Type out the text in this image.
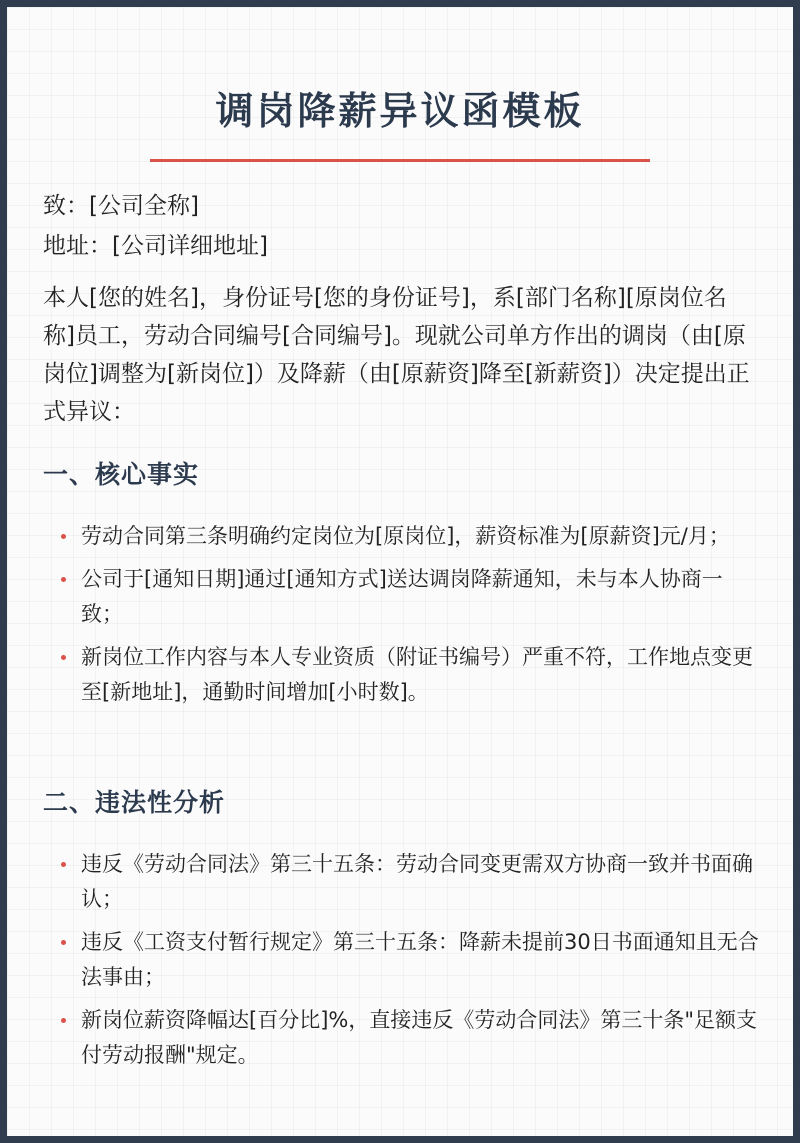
调岗降薪异议函模板
致：[公司全称]
地址：[公司详细地址]
本人[您的姓名]，身份证号[您的身份证号]，系[部门名称][原岗位名称]员工，劳动合同编号[合同编号]。现就公司单方作出的调岗（由[原岗位]调整为[新岗位]）及降薪（由[原薪资]降至[新薪资]）决定提出正式异议：
一、核心事实
劳动合同第三条明确约定岗位为[原岗位]，薪资标准为[原薪资]元/月；
公司于[通知日期]通过[通知方式]送达调岗降薪通知，未与本人协商一致；
新岗位工作内容与本人专业资质（附证书编号）严重不符，工作地点变更至[新地址]，通勤时间增加[小时数]。
二、违法性分析
违反《劳动合同法》第三十五条：劳动合同变更需双方协商一致并书面确认；
违反《工资支付暂行规定》第三十五条：降薪未提前30日书面通知且无合法事由；
新岗位薪资降幅达[百分比]%，直接违反《劳动合同法》第三十条"足额支付劳动报酬"规定。
